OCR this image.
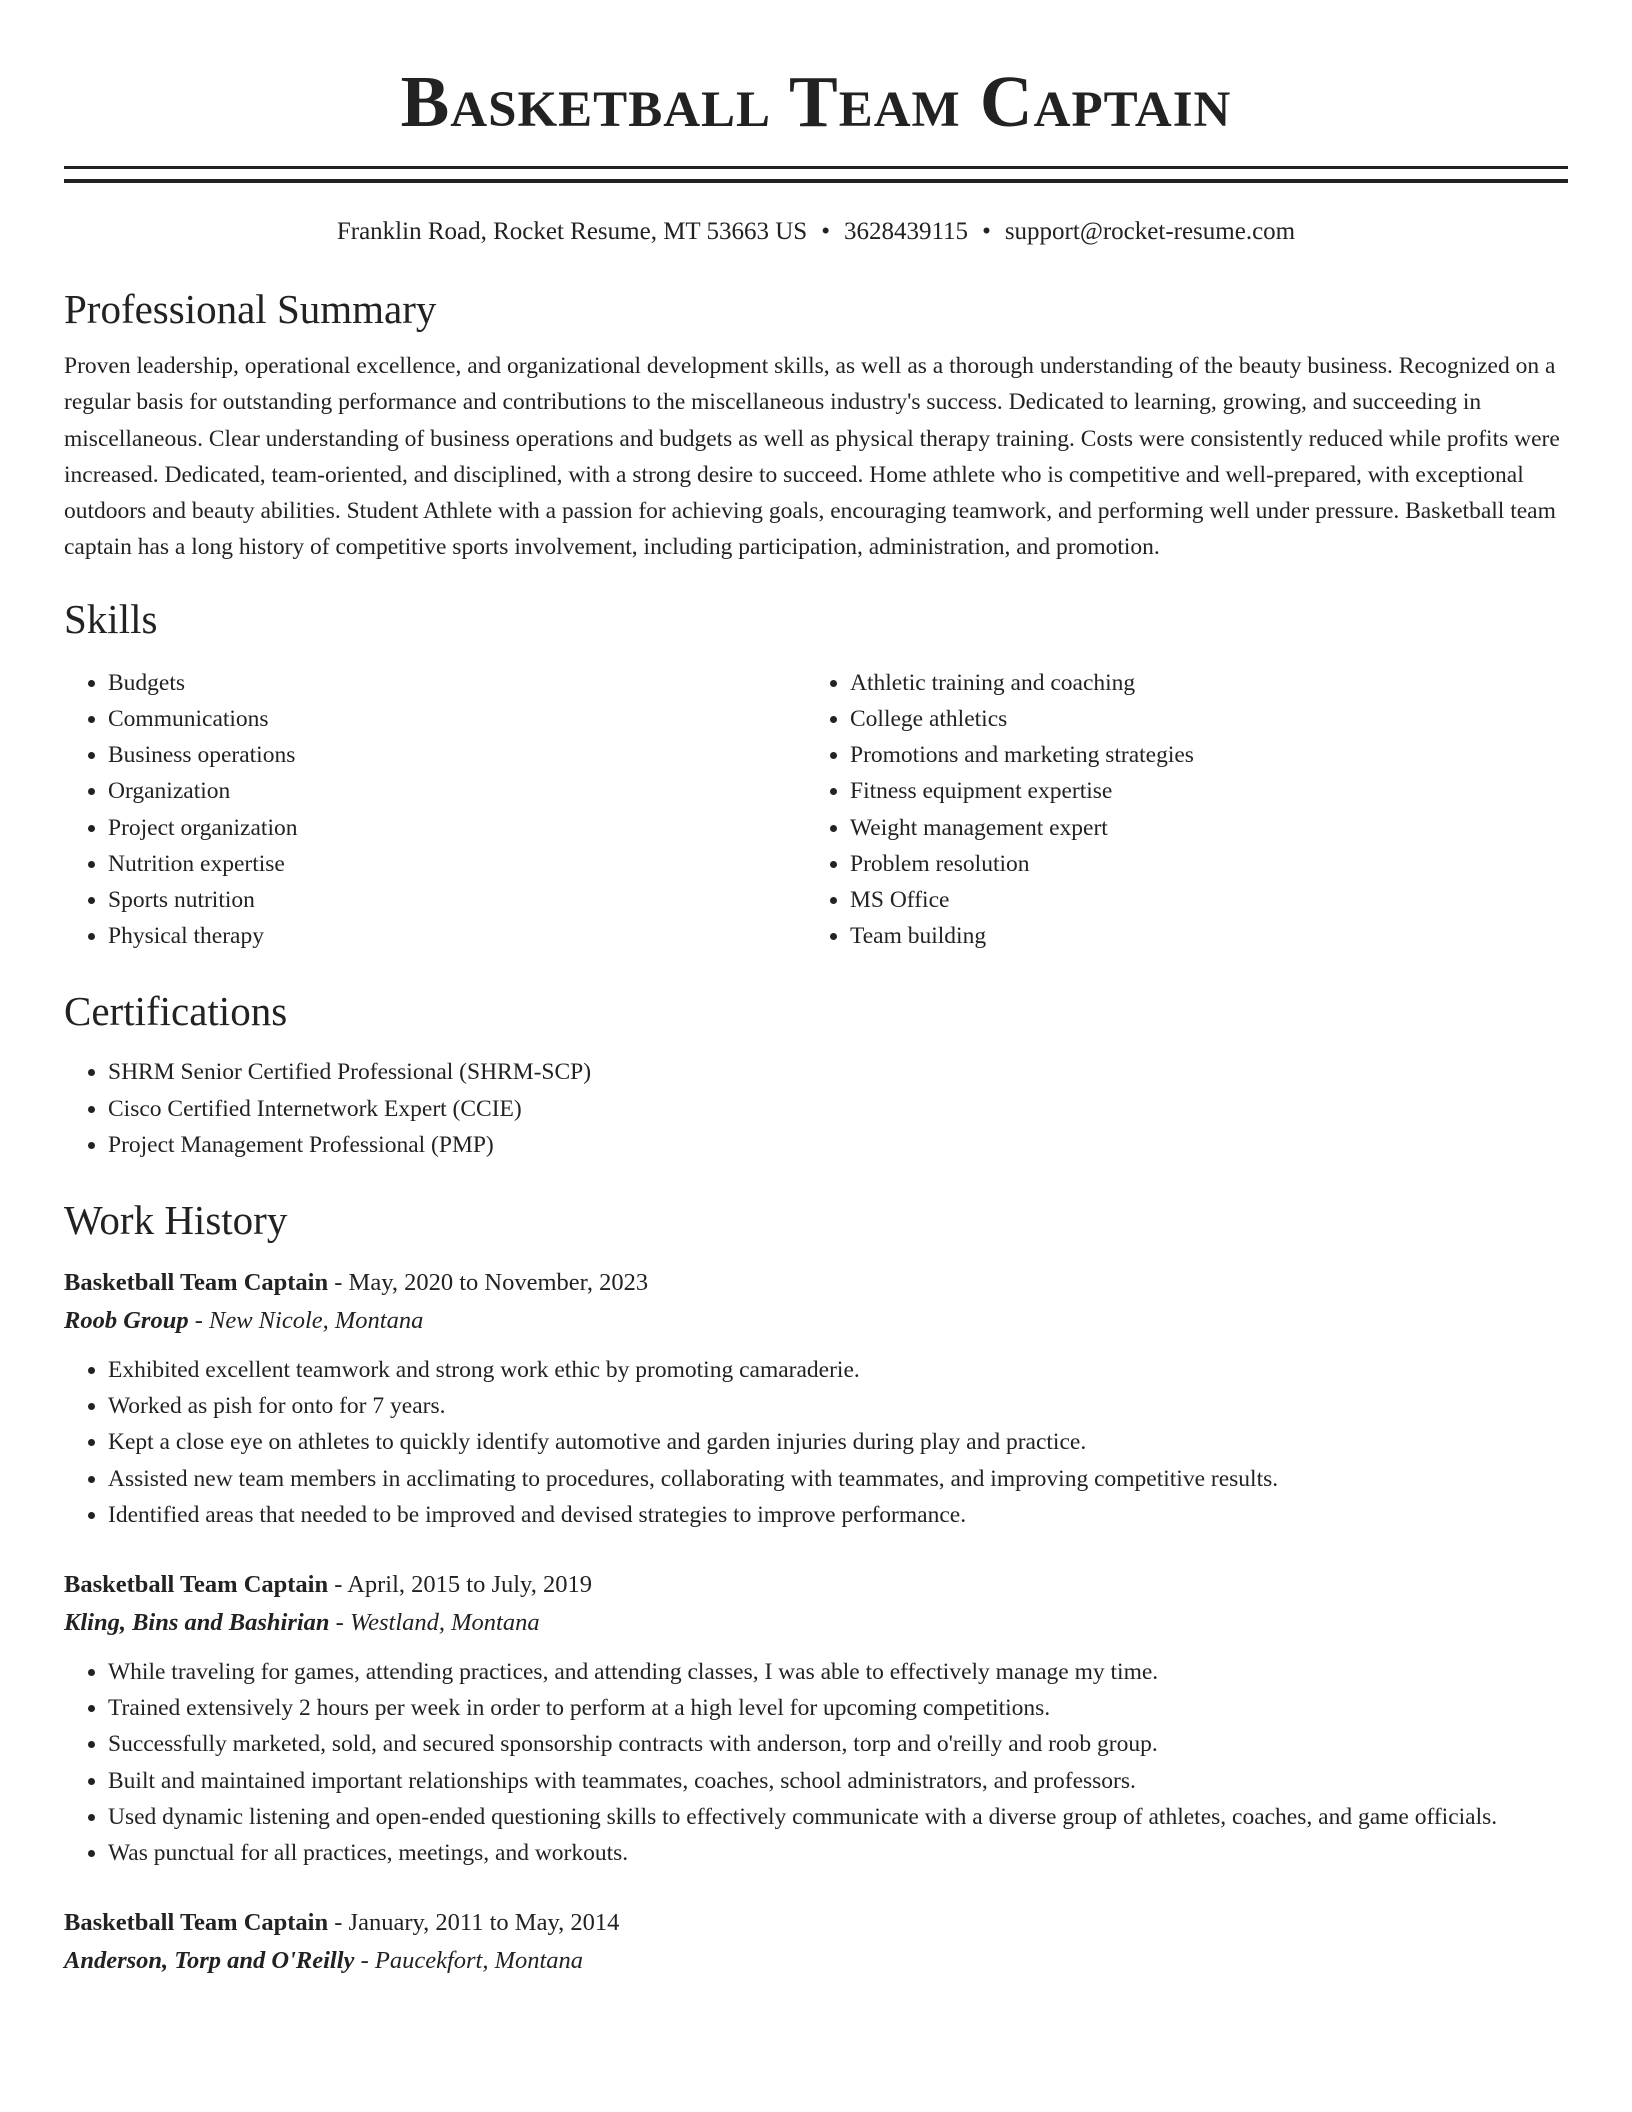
Basketball Team Captain
Franklin Road, Rocket Resume, MT 53663 US • 3628439115 • support@rocket-resume.com
Professional Summary

Proven leadership, operational excellence, and organizational development skills, as well as a thorough understanding of the beauty business. Recognized on a regular basis for outstanding performance and contributions to the miscellaneous industry's success. Dedicated to learning, growing, and succeeding in miscellaneous. Clear understanding of business operations and budgets as well as physical therapy training. Costs were consistently reduced while profits were increased. Dedicated, team-oriented, and disciplined, with a strong desire to succeed. Home athlete who is competitive and well-prepared, with exceptional outdoors and beauty abilities. Student Athlete with a passion for achieving goals, encouraging teamwork, and performing well under pressure. Basketball team captain has a long history of competitive sports involvement, including participation, administration, and promotion.

Skills
• Budgets
• Communications
• Business operations
• Organization
• Project organization
• Nutrition expertise
• Sports nutrition
• Physical therapy
• Athletic training and coaching
• College athletics
• Promotions and marketing strategies
• Fitness equipment expertise
• Weight management expert
• Problem resolution
• MS Office
• Team building
Certifications
• SHRM Senior Certified Professional (SHRM-SCP)
• Cisco Certified Internetwork Expert (CCIE)
• Project Management Professional (PMP)
Work History
Basketball Team Captain - May, 2020 to November, 2023
Roob Group - New Nicole, Montana
• Exhibited excellent teamwork and strong work ethic by promoting camaraderie.
• Worked as pish for onto for 7 years.
• Kept a close eye on athletes to quickly identify automotive and garden injuries during play and practice.
• Assisted new team members in acclimating to procedures, collaborating with teammates, and improving competitive results.
• Identified areas that needed to be improved and devised strategies to improve performance.
Basketball Team Captain - April, 2015 to July, 2019
Kling, Bins and Bashirian - Westland, Montana
• While traveling for games, attending practices, and attending classes, I was able to effectively manage my time.
• Trained extensively 2 hours per week in order to perform at a high level for upcoming competitions.
• Successfully marketed, sold, and secured sponsorship contracts with anderson, torp and o'reilly and roob group.
• Built and maintained important relationships with teammates, coaches, school administrators, and professors.
• Used dynamic listening and open-ended questioning skills to effectively communicate with a diverse group of athletes, coaches, and game officials.
• Was punctual for all practices, meetings, and workouts.
Basketball Team Captain - January, 2011 to May, 2014
Anderson, Torp and O'Reilly - Paucekfort, Montana
